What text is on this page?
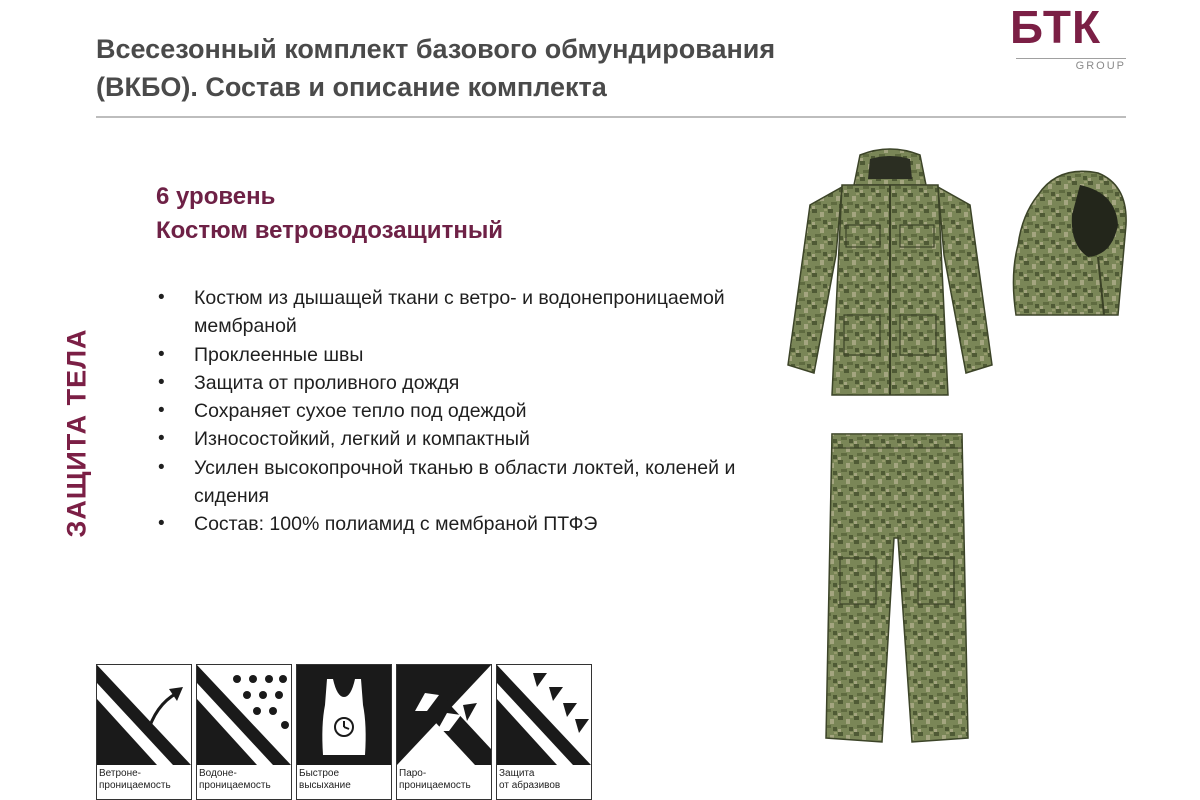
Всесезонный комплект базового обмундирования
(ВКБО). Состав и описание комплекта
БТК
GROUP
ЗАЩИТА ТЕЛА
6 уровень
Костюм ветроводозащитный
• Костюм из дышащей ткани с ветро- и водонепроницаемой мембраной
• Проклеенные швы
• Защита от проливного дождя
• Сохраняет сухое тепло под одеждой
• Износостойкий, легкий и компактный
• Усилен высокопрочной тканью в области локтей, коленей и сидения
• Состав: 100% полиамид с мембраной ПТФЭ
Ветроне-
проницаемость
Водоне-
проницаемость
Быстрое
высыхание
Паро-
проницаемость
Защита
от абразивов
